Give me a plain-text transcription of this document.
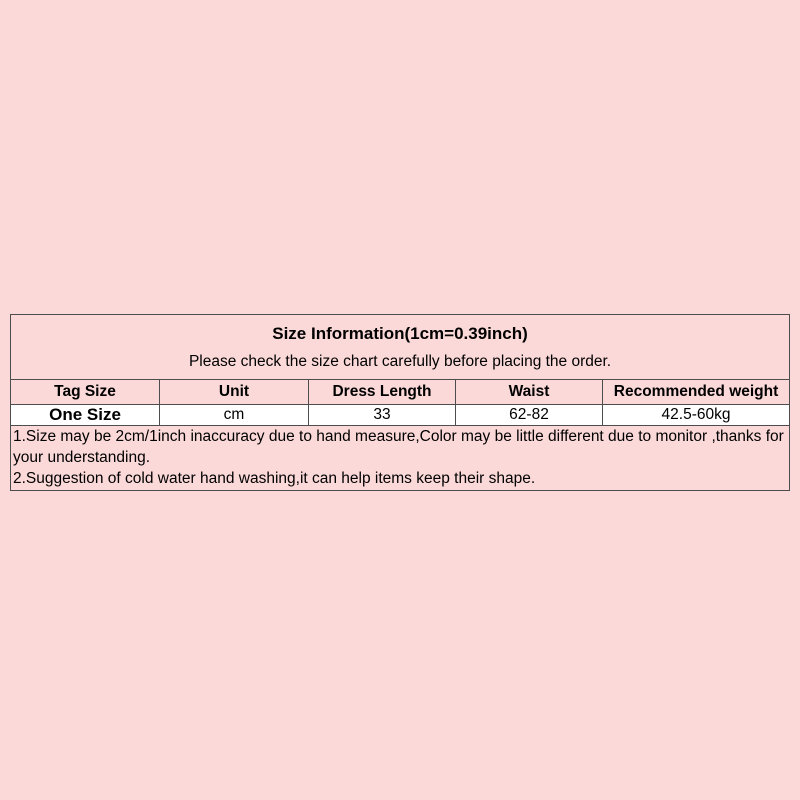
Size Information(1cm=0.39inch)
Please check the size chart carefully before placing the order.				

Tag Size	Unit	Dress Length	Waist	Recommended weight
One Size	cm	33	62-82	42.5-60kg

1.Size may be 2cm/1inch inaccuracy due to hand measure,Color may be little different due to monitor ,thanks for your understanding.
2.Suggestion of cold water hand washing,it can help items keep their shape.				
